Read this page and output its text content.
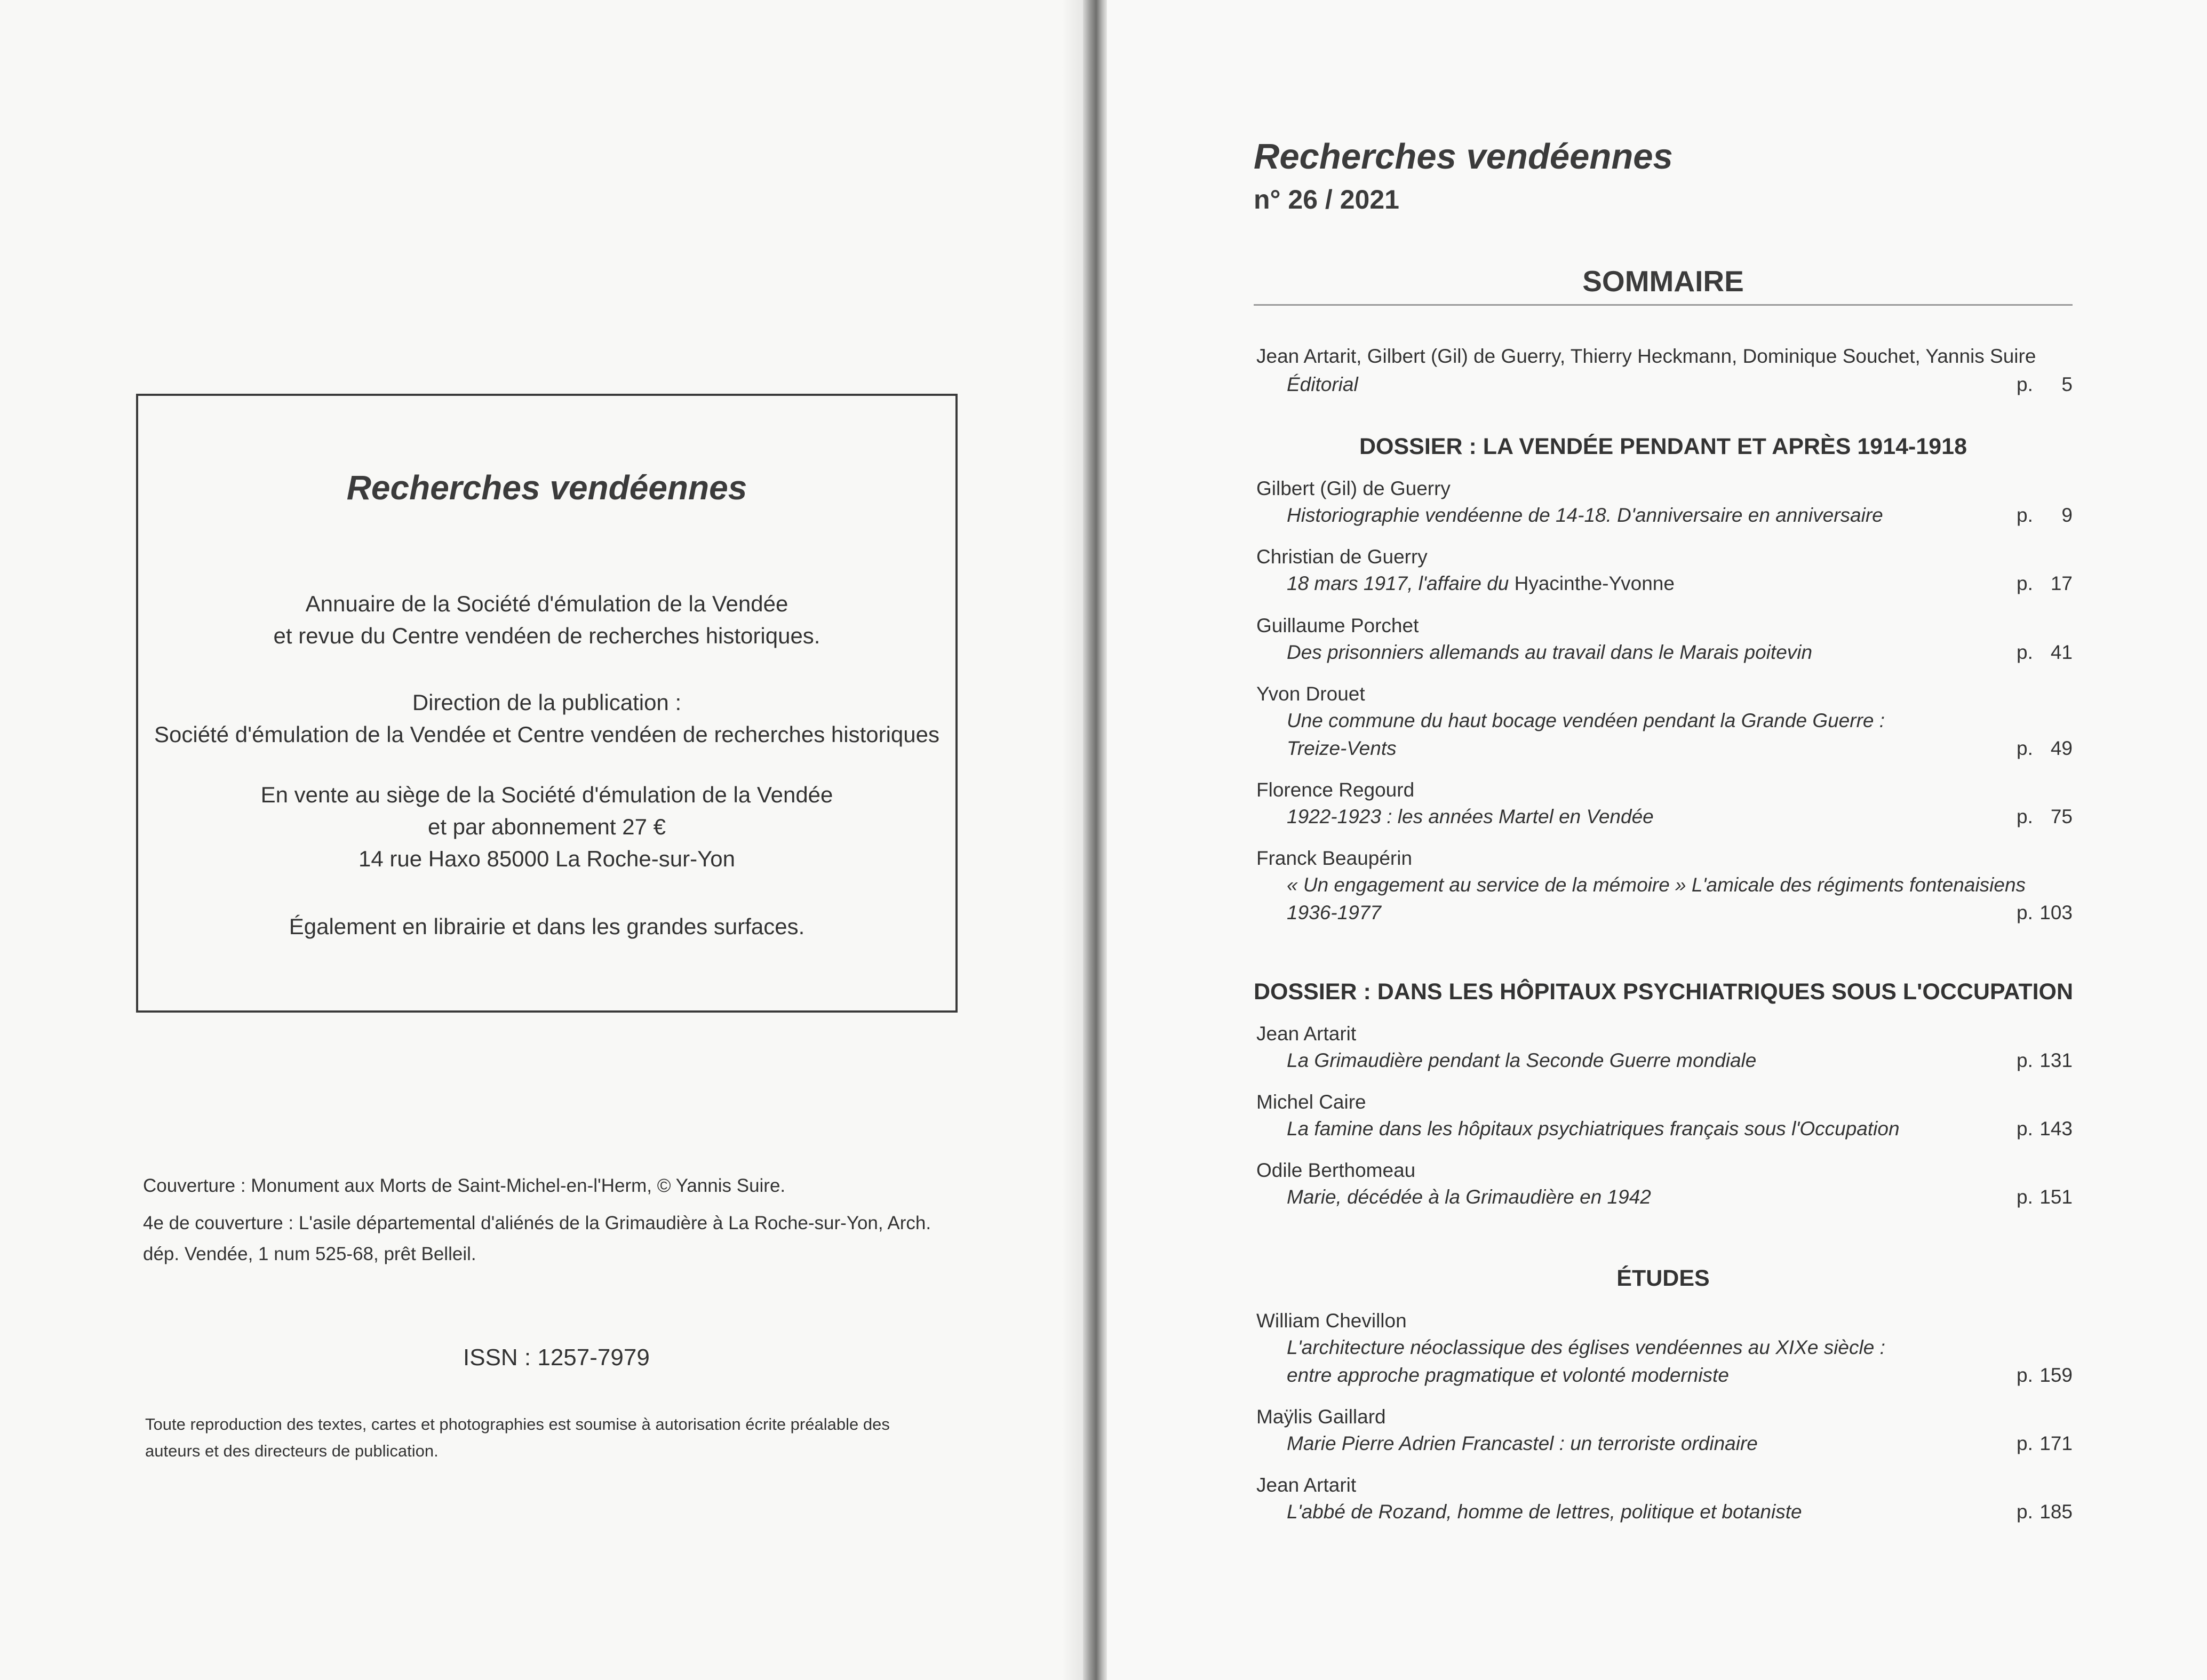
Recherches vendéennes
Annuaire de la Société d'émulation de la Vendée
et revue du Centre vendéen de recherches historiques.
Direction de la publication :
Société d'émulation de la Vendée et Centre vendéen de recherches historiques
En vente au siège de la Société d'émulation de la Vendée
et par abonnement 27 €
14 rue Haxo 85000 La Roche-sur-Yon
Également en librairie et dans les grandes surfaces.
Couverture : Monument aux Morts de Saint-Michel-en-l'Herm, © Yannis Suire.
4e de couverture : L'asile départemental d'aliénés de la Grimaudière à La Roche-sur-Yon, Arch.
dép. Vendée, 1 num 525-68, prêt Belleil.
ISSN : 1257-7979
Toute reproduction des textes, cartes et photographies est soumise à autorisation écrite préalable des
auteurs et des directeurs de publication.
Recherches vendéennes
n° 26 / 2021
SOMMAIRE
Jean Artarit, Gilbert (Gil) de Guerry, Thierry Heckmann, Dominique Souchet, Yannis Suire
Éditorial	p. 5
DOSSIER : LA VENDÉE PENDANT ET APRÈS 1914-1918
Gilbert (Gil) de Guerry
Historiographie vendéenne de 14-18. D'anniversaire en anniversaire	p. 9
Christian de Guerry
18 mars 1917, l'affaire du Hyacinthe-Yvonne	p. 17
Guillaume Porchet
Des prisonniers allemands au travail dans le Marais poitevin	p. 41
Yvon Drouet
Une commune du haut bocage vendéen pendant la Grande Guerre :
Treize-Vents	p. 49
Florence Regourd
1922-1923 : les années Martel en Vendée	p. 75
Franck Beaupérin
« Un engagement au service de la mémoire » L'amicale des régiments fontenaisiens
1936-1977	p. 103
DOSSIER : DANS LES HÔPITAUX PSYCHIATRIQUES SOUS L'OCCUPATION
Jean Artarit
La Grimaudière pendant la Seconde Guerre mondiale	p. 131
Michel Caire
La famine dans les hôpitaux psychiatriques français sous l'Occupation	p. 143
Odile Berthomeau
Marie, décédée à la Grimaudière en 1942	p. 151
ÉTUDES
William Chevillon
L'architecture néoclassique des églises vendéennes au XIXe siècle :
entre approche pragmatique et volonté moderniste	p. 159
Maÿlis Gaillard
Marie Pierre Adrien Francastel : un terroriste ordinaire	p. 171
Jean Artarit
L'abbé de Rozand, homme de lettres, politique et botaniste	p. 185
